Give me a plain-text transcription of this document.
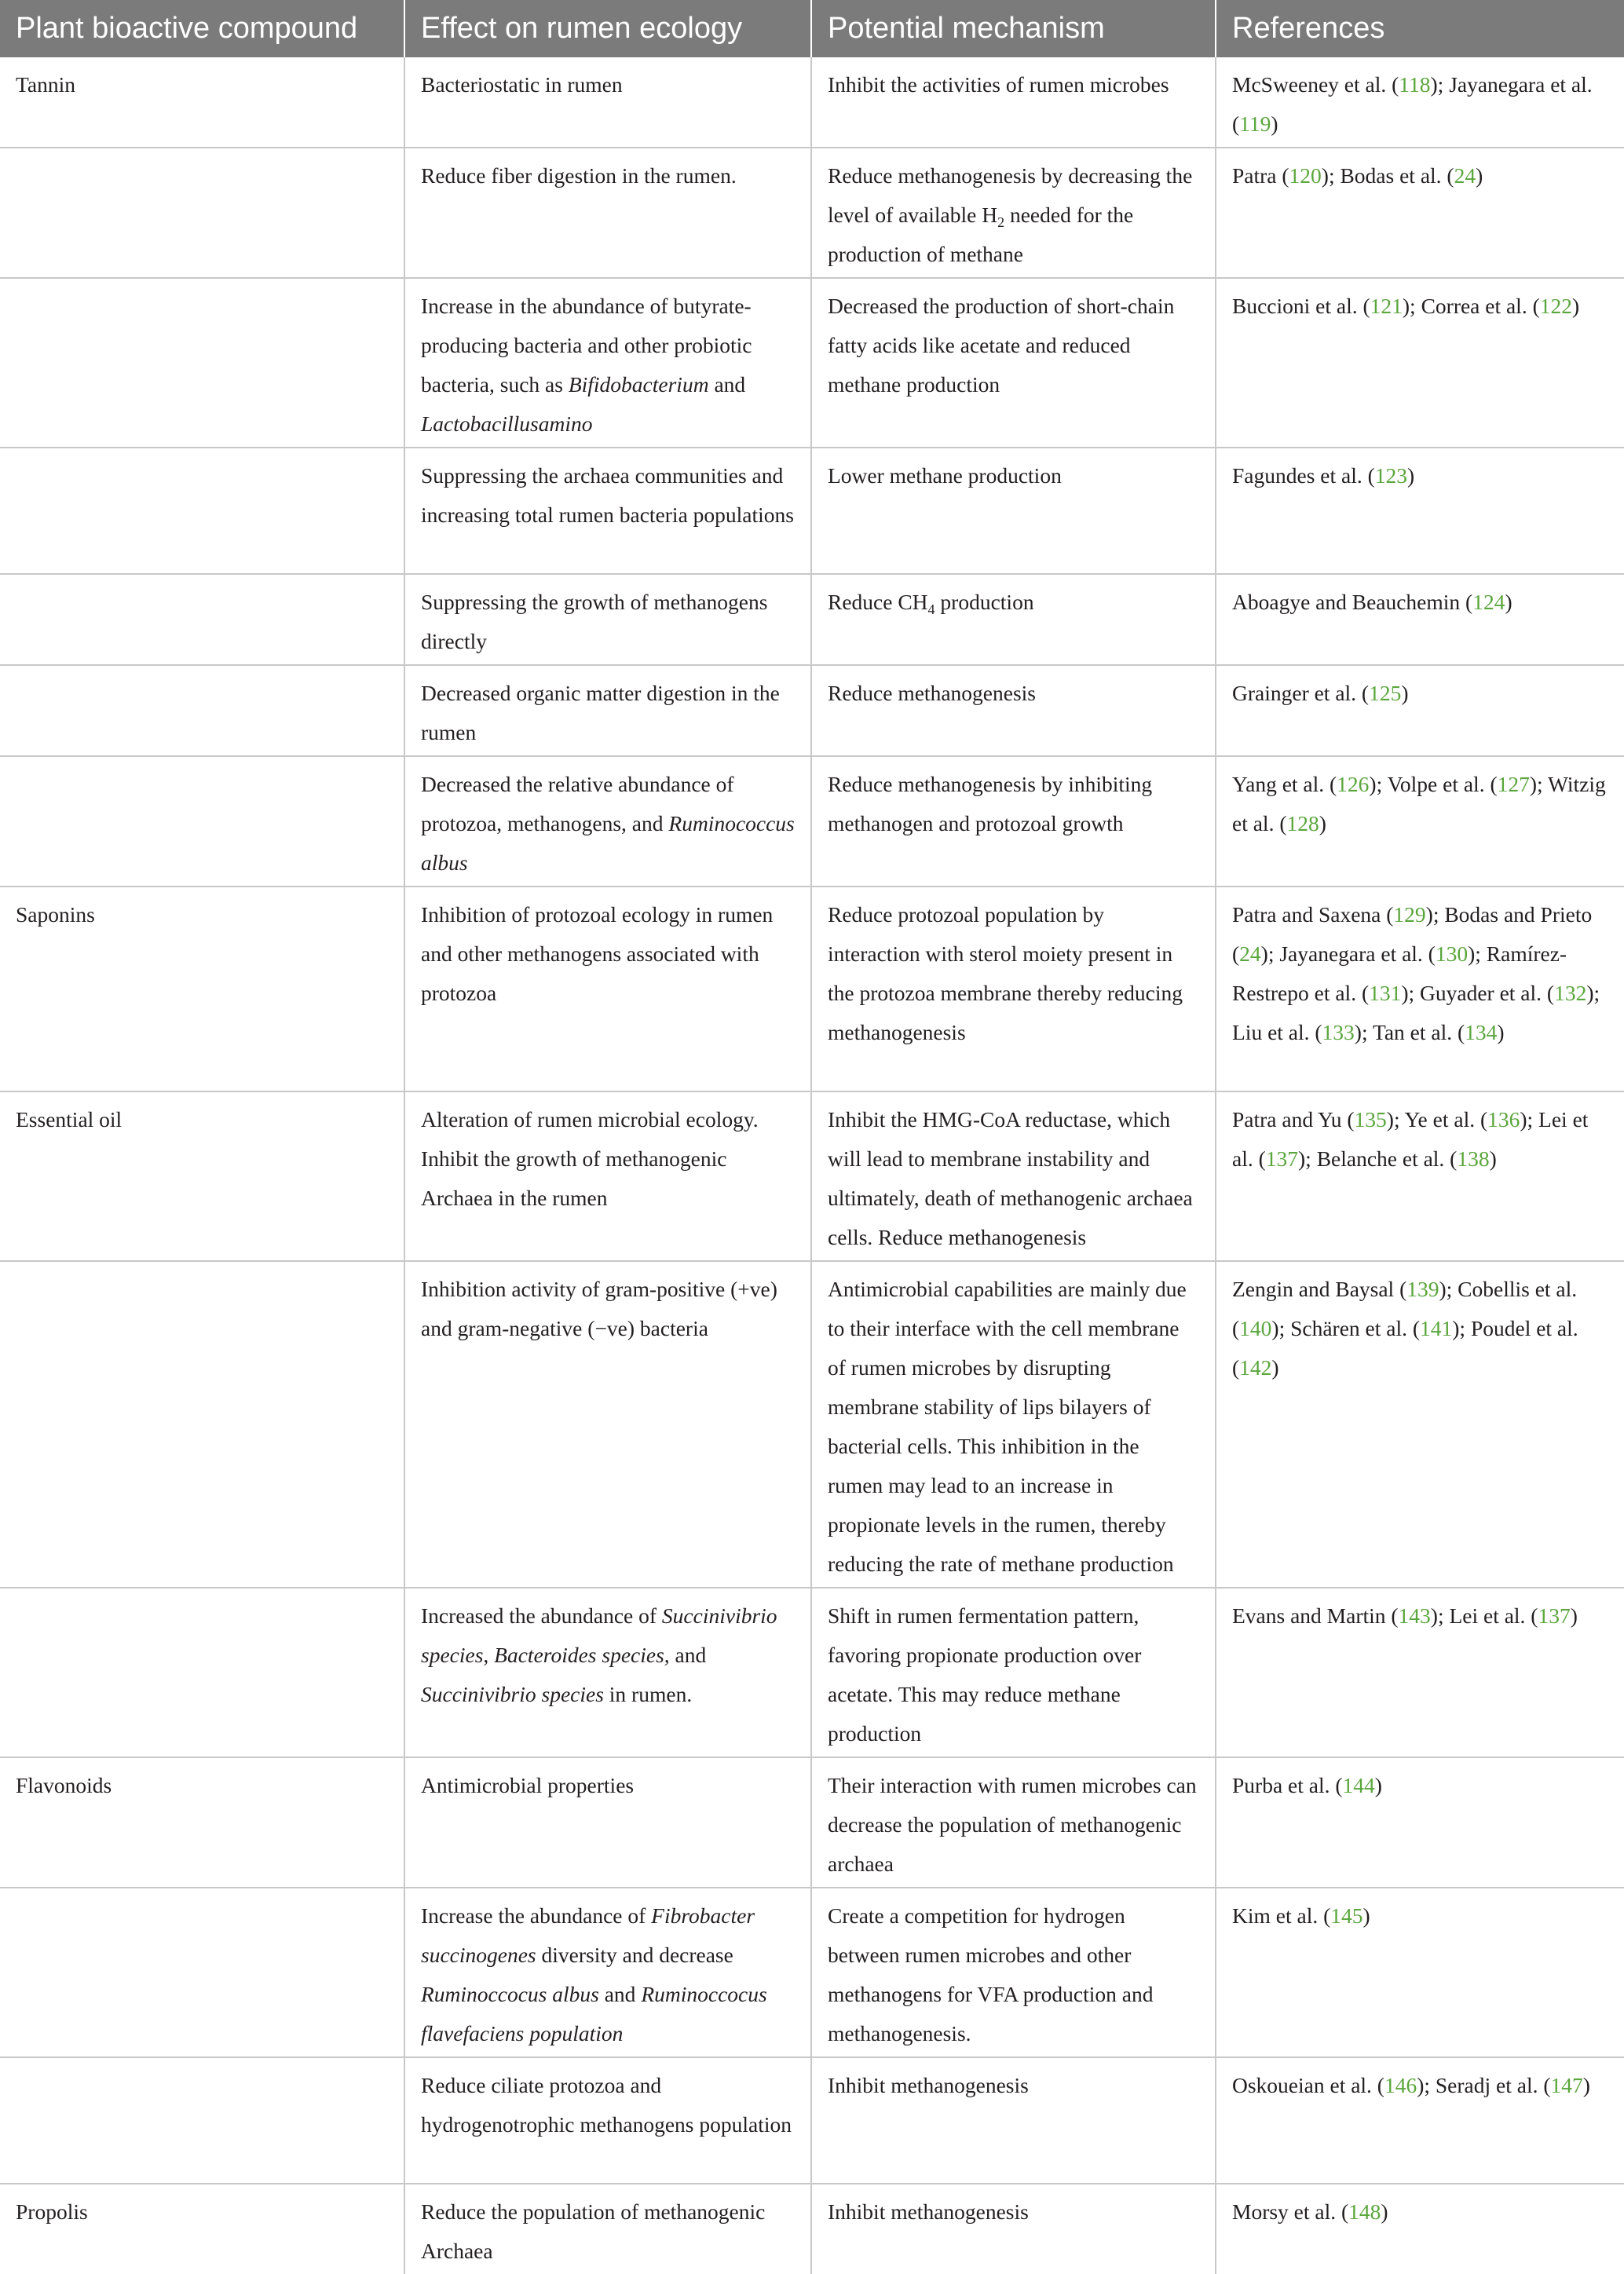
Plant bioactive compound	Effect on rumen ecology	Potential mechanism	References
Tannin	Bacteriostatic in rumen	Inhibit the activities of rumen microbes	McSweeney et al. (118); Jayanegara et al. (119)
	Reduce fiber digestion in the rumen.	Reduce methanogenesis by decreasing the level of available $H_2$ needed for the production of methane	Patra (120); Bodas et al. (24)
	Increase in the abundance of butyrate-producing bacteria and other probiotic bacteria, such as Bifidobacterium and Lactobacillusamino	Decreased the production of short-chain fatty acids like acetate and reduced methane production	Buccioni et al. (121); Correa et al. (122)
	Suppressing the archaea communities and increasing total rumen bacteria populations	Lower methane production	Fagundes et al. (123)
	Suppressing the growth of methanogens directly	Reduce $CH_4$ production	Aboagye and Beauchemin (124)
	Decreased organic matter digestion in the rumen	Reduce methanogenesis	Grainger et al. (125)
	Decreased the relative abundance of protozoa, methanogens, and Ruminococcus albus	Reduce methanogenesis by inhibiting methanogen and protozoal growth	Yang et al. (126); Volpe et al. (127); Witzig et al. (128)
Saponins	Inhibition of protozoal ecology in rumen and other methanogens associated with protozoa	Reduce protozoal population by interaction with sterol moiety present in the protozoa membrane thereby reducing methanogenesis	Patra and Saxena (129); Bodas and Prieto (24); Jayanegara et al. (130); Ramírez-Restrepo et al. (131); Guyader et al. (132); Liu et al. (133); Tan et al. (134)
Essential oil	Alteration of rumen microbial ecology. Inhibit the growth of methanogenic Archaea in the rumen	Inhibit the HMG-CoA reductase, which will lead to membrane instability and ultimately, death of methanogenic archaea cells. Reduce methanogenesis	Patra and Yu (135); Ye et al. (136); Lei et al. (137); Belanche et al. (138)
	Inhibition activity of gram-positive (+ve) and gram-negative (−ve) bacteria	Antimicrobial capabilities are mainly due to their interface with the cell membrane of rumen microbes by disrupting membrane stability of lips bilayers of bacterial cells. This inhibition in the rumen may lead to an increase in propionate levels in the rumen, thereby reducing the rate of methane production	Zengin and Baysal (139); Cobellis et al. (140); Schären et al. (141); Poudel et al. (142)
	Increased the abundance of Succinivibrio species, Bacteroides species, and Succinivibrio species in rumen.	Shift in rumen fermentation pattern, favoring propionate production over acetate. This may reduce methane production	Evans and Martin (143); Lei et al. (137)
Flavonoids	Antimicrobial properties	Their interaction with rumen microbes can decrease the population of methanogenic archaea	Purba et al. (144)
	Increase the abundance of Fibrobacter succinogenes diversity and decrease Ruminoccocus albus and Ruminoccocus flavefaciens population	Create a competition for hydrogen between rumen microbes and other methanogens for VFA production and methanogenesis.	Kim et al. (145)
	Reduce ciliate protozoa and hydrogenotrophic methanogens population	Inhibit methanogenesis	Oskoueian et al. (146); Seradj et al. (147)
Propolis	Reduce the population of methanogenic Archaea	Inhibit methanogenesis	Morsy et al. (148)
